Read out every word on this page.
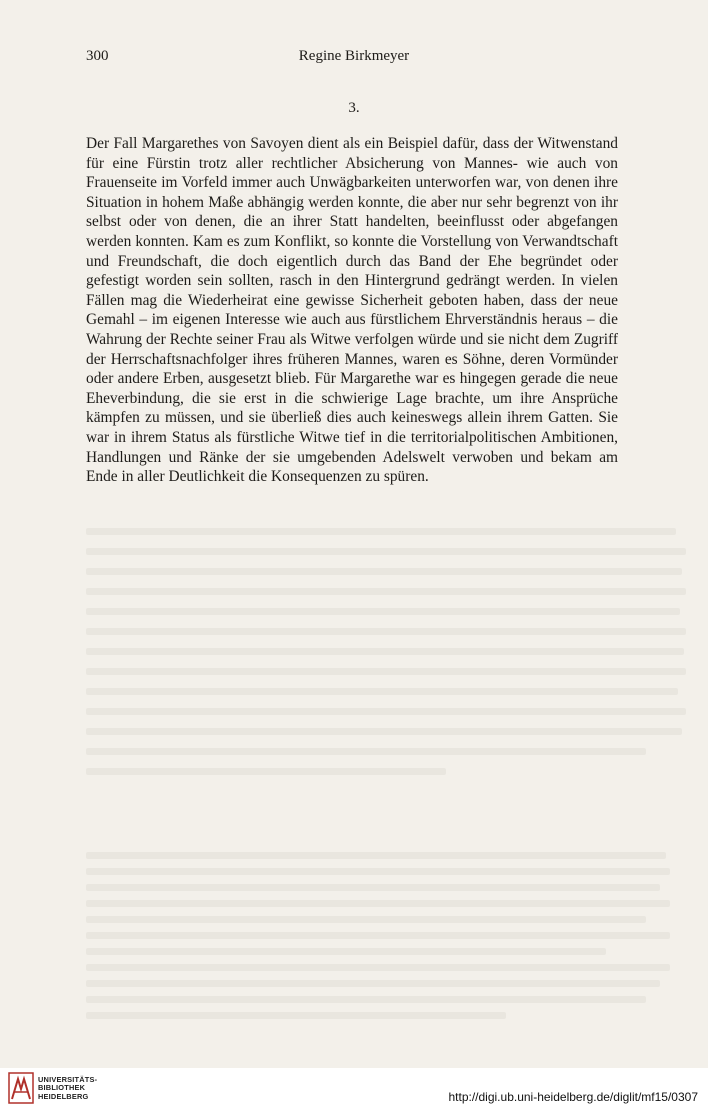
300	Regine Birkmeyer
3.

Der Fall Margarethes von Savoyen dient als ein Beispiel dafür, dass der Witwenstand für eine Fürstin trotz aller rechtlicher Absicherung von Mannes- wie auch von Frauenseite im Vorfeld immer auch Unwägbarkeiten unterworfen war, von denen ihre Situation in hohem Maße abhängig werden konnte, die aber nur sehr begrenzt von ihr selbst oder von denen, die an ihrer Statt handelten, beeinflusst oder abgefangen werden konnten. Kam es zum Konflikt, so konnte die Vorstellung von Verwandtschaft und Freundschaft, die doch eigentlich durch das Band der Ehe begründet oder gefestigt worden sein sollten, rasch in den Hintergrund gedrängt werden. In vielen Fällen mag die Wiederheirat eine gewisse Sicherheit geboten haben, dass der neue Gemahl – im eigenen Interesse wie auch aus fürstlichem Ehrverständnis heraus – die Wahrung der Rechte seiner Frau als Witwe verfolgen würde und sie nicht dem Zugriff der Herrschaftsnachfolger ihres früheren Mannes, waren es Söhne, deren Vormünder oder andere Erben, ausgesetzt blieb. Für Margarethe war es hingegen gerade die neue Eheverbindung, die sie erst in die schwierige Lage brachte, um ihre Ansprüche kämpfen zu müssen, und sie überließ dies auch keineswegs allein ihrem Gatten. Sie war in ihrem Status als fürstliche Witwe tief in die territorialpolitischen Ambitionen, Handlungen und Ränke der sie umgebenden Adelswelt verwoben und bekam am Ende in aller Deutlichkeit die Konsequenzen zu spüren.

UNIVERSITÄTS-
BIBLIOTHEK
HEIDELBERG	http://digi.ub.uni-heidelberg.de/diglit/mf15/0307
